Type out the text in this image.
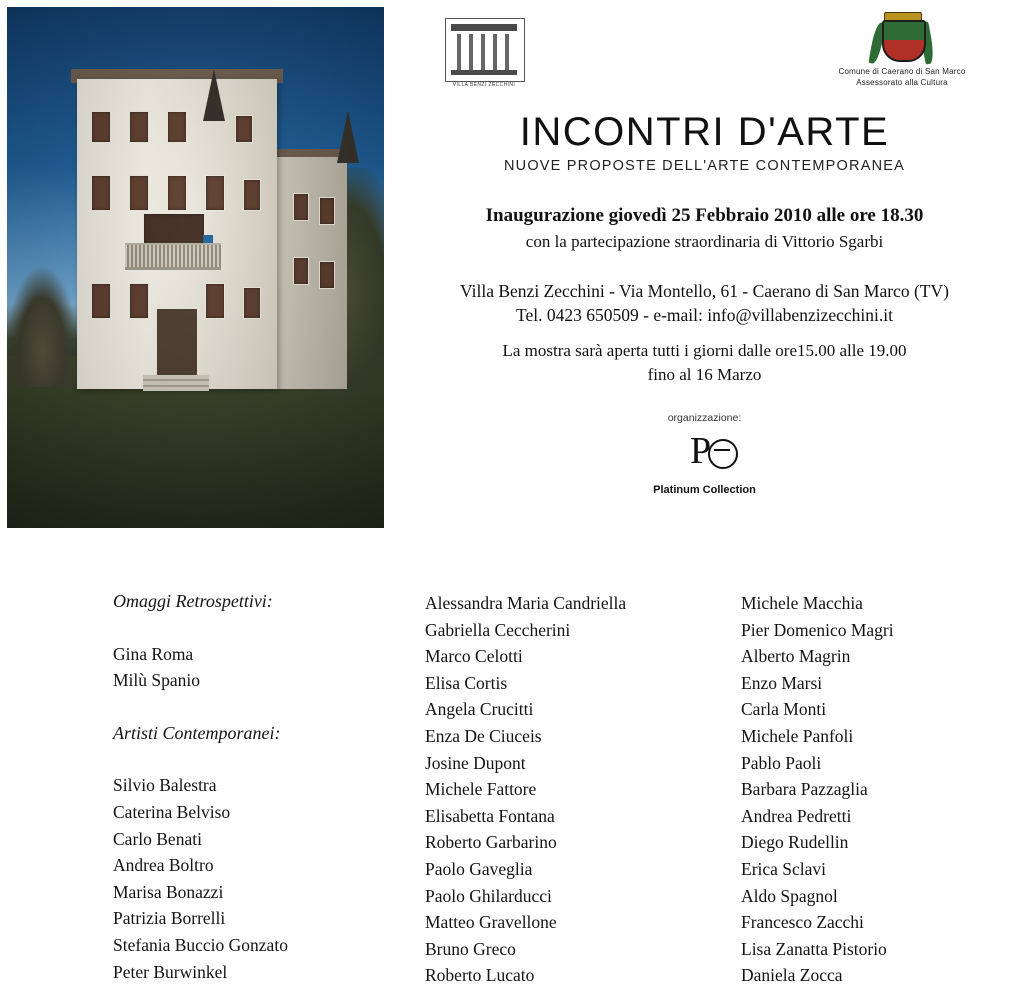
VILLA BENZI ZECCHINI
Comune di Caerano di San Marco
Assessorato alla Cultura
INCONTRI D'ARTE
NUOVE PROPOSTE DELL'ARTE CONTEMPORANEA
Inaugurazione giovedì 25 Febbraio 2010 alle ore 18.30
con la partecipazione straordinaria di Vittorio Sgarbi
Villa Benzi Zecchini - Via Montello, 61 - Caerano di San Marco (TV)
Tel. 0423 650509 - e-mail: info@villabenzizecchini.it
La mostra sarà aperta tutti i giorni dalle ore15.00 alle 19.00
fino al 16 Marzo
organizzazione:
P
Platinum Collection
Omaggi Retrospettivi:
Gina Roma
Milù Spanio
Artisti Contemporanei:
Silvio Balestra
Caterina Belviso
Carlo Benati
Andrea Boltro
Marisa Bonazzi
Patrizia Borrelli
Stefania Buccio Gonzato
Peter Burwinkel
Alessandra Maria Candriella
Gabriella Ceccherini
Marco Celotti
Elisa Cortis
Angela Crucitti
Enza De Ciuceis
Josine Dupont
Michele Fattore
Elisabetta Fontana
Roberto Garbarino
Paolo Gaveglia
Paolo Ghilarducci
Matteo Gravellone
Bruno Greco
Roberto Lucato
Michele Macchia
Pier Domenico Magri
Alberto Magrin
Enzo Marsi
Carla Monti
Michele Panfoli
Pablo Paoli
Barbara Pazzaglia
Andrea Pedretti
Diego Rudellin
Erica Sclavi
Aldo Spagnol
Francesco Zacchi
Lisa Zanatta Pistorio
Daniela Zocca
